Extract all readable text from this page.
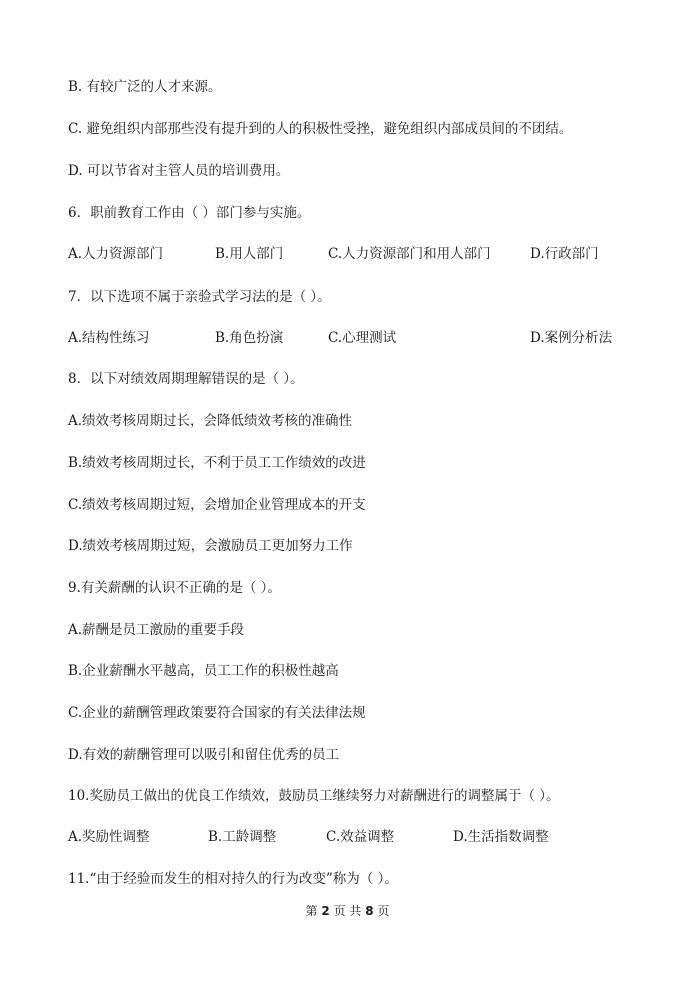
B. 有较广泛的人才来源。
C. 避免组织内部那些没有提升到的人的积极性受挫，避免组织内部成员间的不团结。
D. 可以节省对主管人员的培训费用。
6．职前教育工作由（ ）部门参与实施。
A.人力资源部门	B.用人部门	C.人力资源部门和用人部门	D.行政部门
7．以下选项不属于亲验式学习法的是（ ）。
A.结构性练习	B.角色扮演	C.心理测试	D.案例分析法
8．以下对绩效周期理解错误的是（ ）。
A.绩效考核周期过长，会降低绩效考核的准确性
B.绩效考核周期过长，不利于员工工作绩效的改进
C.绩效考核周期过短，会增加企业管理成本的开支
D.绩效考核周期过短，会激励员工更加努力工作
9.有关薪酬的认识不正确的是（ ）。
A.薪酬是员工激励的重要手段
B.企业薪酬水平越高，员工工作的积极性越高
C.企业的薪酬管理政策要符合国家的有关法律法规
D.有效的薪酬管理可以吸引和留住优秀的员工
10.奖励员工做出的优良工作绩效，鼓励员工继续努力对薪酬进行的调整属于（ ）。
A.奖励性调整	B.工龄调整	C.效益调整	D.生活指数调整
11.“由于经验而发生的相对持久的行为改变”称为（ ）。
第 2 页 共 8 页
